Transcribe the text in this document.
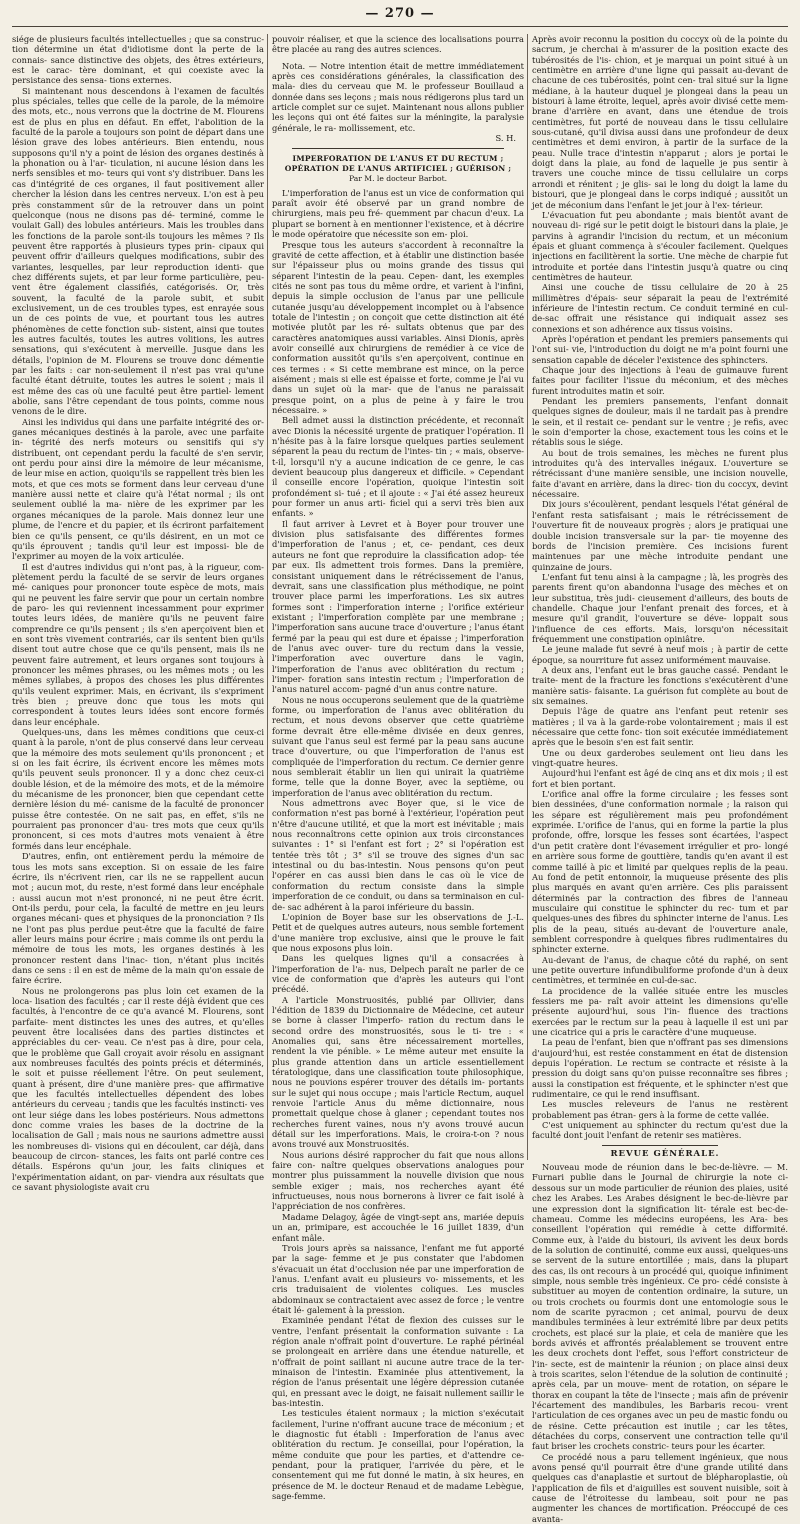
— 270 —

siége de plusieurs facultés intellectuelles ; que sa construc- tion détermine un état d'idiotisme dont la perte de la connais- sance distinctive des objets, des êtres extérieurs, est le carac- tère dominant, et qui coexiste avec la persistance des sensa- tions externes.

Si maintenant nous descendons à l'examen de facultés plus spéciales, telles que celle de la parole, de la mémoire des mots, etc., nous verrons que la doctrine de M. Flourens est de plus en plus en défaut. En effet, l'abolition de la faculté de la parole a toujours son point de départ dans une lésion grave des lobes antérieurs. Bien entendu, nous supposons qu'il n'y a point de lésion des organes destinés à la phonation ou à l'ar- ticulation, ni aucune lésion dans les nerfs sensibles et mo- teurs qui vont s'y distribuer. Dans les cas d'intégrité de ces organes, il faut positivement aller chercher la lésion dans les centres nerveux. L'on est à peu près constamment sûr de la retrouver dans un point quelconque (nous ne disons pas dé- terminé, comme le voulait Gall) des lobules antérieurs. Mais les troubles dans les fonctions de la parole sont-ils toujours les mêmes ? Ils peuvent être rapportés à plusieurs types prin- cipaux qui peuvent offrir d'ailleurs quelques modifications, subir des variantes, lesquelles, par leur reproduction identi- que chez différents sujets, et par leur forme particulière, peu- vent être également classifiés, catégorisés. Or, très souvent, la faculté de la parole subit, et subit exclusivement, un de ces troubles types, est enrayée sous un de ces points de vue, et pourtant tous les autres phénomènes de cette fonction sub- sistent, ainsi que toutes les autres facultés, toutes les autres volitions, les autres sensations, qui s'exécutent à merveille. Jusque dans les détails, l'opinion de M. Flourens se trouve donc démentie par les faits : car non-seulement il n'est pas vrai qu'une faculté étant détruite, toutes les autres le soient ; mais il est même des cas où une faculté peut être partiel- lement abolie, sans l'être cependant de tous points, comme nous venons de le dire.

Ainsi les individus qui dans une parfaite intégrité des or- ganes mécaniques destinés à la parole, avec une parfaite in- tégrité des nerfs moteurs ou sensitifs qui s'y distribuent, ont cependant perdu la faculté de s'en servir, ont perdu pour ainsi dire la mémoire de leur mécanisme, de leur mise en action, quoiqu'ils se rappellent très bien les mots, et que ces mots se forment dans leur cerveau d'une manière aussi nette et claire qu'à l'état normal ; ils ont seulement oublié la ma- nière de les exprimer par les organes mécaniques de la parole. Mais donnez leur une plume, de l'encre et du papier, et ils écriront parfaitement bien ce qu'ils pensent, ce qu'ils désirent, en un mot ce qu'ils éprouvent ; tandis qu'il leur est impossi- ble de l'exprimer au moyen de la voix articulée.

Il est d'autres individus qui n'ont pas, à la rigueur, com- plètement perdu la faculté de se servir de leurs organes mé- caniques pour prononcer toute espèce de mots, mais qui ne peuvent les faire servir que pour un certain nombre de paro- les qui reviennent incessamment pour exprimer toutes leurs idées, de manière qu'ils ne peuvent faire comprendre ce qu'ils pensent ; ils s'en aperçoivent bien et en sont très vivement contrariés, car ils sentent bien qu'ils disent tout autre chose que ce qu'ils pensent, mais ils ne peuvent faire autrement, et leurs organes sont toujours à prononcer les mêmes phrases, ou les mêmes mots ; ou les mêmes syllabes, à propos des choses les plus différentes qu'ils veulent exprimer. Mais, en écrivant, ils s'expriment très bien ; preuve donc que tous les mots qui correspondent à toutes leurs idées sont encore formés dans leur encéphale.

Quelques-uns, dans les mêmes conditions que ceux-ci quant à la parole, n'ont de plus conservé dans leur cerveau que la mémoire des mots seulement qu'ils prononcent ; et si on les fait écrire, ils écrivent encore les mêmes mots qu'ils peuvent seuls prononcer. Il y a donc chez ceux-ci double lésion, et de la mémoire des mots, et de la mémoire du mécanisme de les prononcer, bien que cependant cette dernière lésion du mé- canisme de la faculté de prononcer puisse être contestée. On ne sait pas, en effet, s'ils ne pourraient pas prononcer d'au- tres mots que ceux qu'ils prononcent, si ces mots d'autres mots venaient à être formés dans leur encéphale.

D'autres, enfin, ont entièrement perdu la mémoire de tous les mots sans exception. Si on essaie de les faire écrire, ils n'écrivent rien, car ils ne se rappellent aucun mot ; aucun mot, du reste, n'est formé dans leur encéphale : aussi aucun mot n'est prononcé, ni ne peut être écrit. Ont-ils perdu, pour cela, la faculté de mettre en jeu leurs organes mécani- ques et physiques de la prononciation ? Ils ne l'ont pas plus perdue peut-être que la faculté de faire aller leurs mains pour écrire ; mais comme ils ont perdu la mémoire de tous les mots, les organes destinés à les prononcer restent dans l'inac- tion, n'étant plus incités dans ce sens : il en est de même de la main qu'on essaie de faire écrire.

Nous ne prolongerons pas plus loin cet examen de la loca- lisation des facultés ; car il reste déjà évident que ces facultés, à l'encontre de ce qu'a avancé M. Flourens, sont parfaite- ment distinctes les unes des autres, et qu'elles peuvent être localisées dans des parties distinctes et appréciables du cer- veau. Ce n'est pas à dire, pour cela, que le problème que Gall croyait avoir résolu en assignant aux nombreuses facultés des points précis et déterminés, le soit et puisse réellement l'être. On peut seulement, quant à présent, dire d'une manière pres- que affirmative que les facultés intellectuelles dépendent des lobes antérieurs du cerveau ; tandis que les facultés instincti- ves ont leur siége dans les lobes postérieurs. Nous admettons donc comme vraies les bases de la doctrine de la localisation de Gall ; mais nous ne saurions admettre aussi les nombreuses di- visions qui en découlent, car déjà, dans beaucoup de circon- stances, les faits ont parlé contre ces détails. Espérons qu'un jour, les faits cliniques et l'expérimentation aidant, on par- viendra aux résultats que ce savant physiologiste avait cru

pouvoir réaliser, et que la science des localisations pourra être placée au rang des autres sciences.

Nota. — Notre intention était de mettre immédiatement après ces considérations générales, la classification des mala- dies du cerveau que M. le professeur Bouillaud a donnée dans ses leçons ; mais nous rédigerons plus tard un article complet sur ce sujet. Maintenant nous allons publier les leçons qui ont été faites sur la méningite, la paralysie générale, le ra- mollissement, etc.

S. H.

IMPERFORATION DE L'ANUS ET DU RECTUM ; OPÉRATION DE L'ANUS ARTIFICIEL ; GUÉRISON ;

Par M. le docteur Barbot.

L'imperforation de l'anus est un vice de conformation qui paraît avoir été observé par un grand nombre de chirurgiens, mais peu fré- quemment par chacun d'eux. La plupart se bornent à en mentionner l'existence, et à décrire le mode opératoire que nécessite son em- ploi.

Presque tous les auteurs s'accordent à reconnaître la gravité de cette affection, et à établir une distinction basée sur l'épaisseur plus ou moins grande des tissus qui séparent l'intestin de la peau. Cepen- dant, les exemples cités ne sont pas tous du même ordre, et varient à l'infini, depuis la simple occlusion de l'anus par une pellicule cutanée jusqu'au développement incomplet ou à l'absence totale de l'intestin ; on conçoit que cette distinction ait été motivée plutôt par les ré- sultats obtenus que par des caractères anatomiques aussi variables. Ainsi Dionis, après avoir conseillé aux chirurgiens de remédier à ce vice de conformation aussitôt qu'ils s'en aperçoivent, continue en ces termes : « Si cette membrane est mince, on la perce aisément ; mais si elle est épaisse et forte, comme je l'ai vu dans un sujet où la mar- que de l'anus ne paraissait presque point, on a plus de peine à y faire le trou nécessaire. »

Bell admet aussi la distinction précédente, et reconnaît avec Dionis la nécessité urgente de pratiquer l'opération. Il n'hésite pas à la faire lorsque quelques parties seulement séparent la peau du rectum de l'intes- tin ; « mais, observe-t-il, lorsqu'il n'y a aucune indication de ce genre, le cas devient beaucoup plus dangereux et difficile. » Cependant il conseille encore l'opération, quoique l'intestin soit profondément si- tué ; et il ajoute : « J'ai été assez heureux pour former un anus arti- ficiel qui a servi très bien aux enfants. »

Il faut arriver à Levret et à Boyer pour trouver une division plus satisfaisante des différentes formes d'imperforation de l'anus ; et, ce- pendant, ces deux auteurs ne font que reproduire la classification adop- tée par eux. Ils admettent trois formes. Dans la première, consistant uniquement dans le rétrécissement de l'anus, devrait, sans une classification plus méthodique, ne point trouver place parmi les imperforations. Les six autres formes sont : l'imperforation interne ; l'orifice extérieur existant ; l'imperforation complète par une membrane ; l'imperforation sans aucune trace d'ouverture ; l'anus étant fermé par la peau qui est dure et épaisse ; l'imperforation de l'anus avec ouver- ture du rectum dans la vessie, l'imperforation avec ouverture dans le vagin, l'imperforation de l'anus avec oblitération du rectum ; l'imper- foration sans intestin rectum ; l'imperforation de l'anus naturel accom- pagné d'un anus contre nature.

Nous ne nous occuperons seulement que de la quatrième forme, ou imperforation de l'anus avec oblitération du rectum, et nous devons observer que cette quatrième forme devrait être elle-même divisée en deux genres, suivant que l'anus seul est fermé par la peau sans aucune trace d'ouverture, ou que l'imperforation de l'anus est compliquée de l'imperforation du rectum. Ce dernier genre nous semblerait établir un lien qui unirait la quatrième forme, telle que la donne Boyer, avec la septième, ou imperforation de l'anus avec oblitération du rectum.

Nous admettrons avec Boyer que, si le vice de conformation n'est pas borné à l'extérieur, l'opération peut n'être d'aucune utilité, et que la mort est inévitable ; mais nous reconnaîtrons cette opinion aux trois circonstances suivantes : 1° si l'enfant est fort ; 2° si l'opération est tentée très tôt ; 3° s'il se trouve des signes d'un sac intestinal ou du bas-intestin. Nous pensons qu'on peut l'opérer en cas aussi bien dans le cas où le vice de conformation du rectum consiste dans la simple imperforation de ce conduit, ou dans sa terminaison en cul-de- sac adhérent à la paroi inférieure du bassin.

L'opinion de Boyer base sur les observations de J.-L. Petit et de quelques autres auteurs, nous semble fortement d'une manière trop exclusive, ainsi que le prouve le fait que nous exposons plus loin.

Dans les quelques lignes qu'il a consacrées à l'imperforation de l'a- nus, Delpech paraît ne parler de ce vice de conformation que d'après les auteurs qui l'ont précédé.

A l'article Monstruosités, publié par Ollivier, dans l'édition de 1839 du Dictionnaire de Médecine, cet auteur se borne à classer l'imperfo- ration du rectum dans le second ordre des monstruosités, sous le ti- tre : « Anomalies qui, sans être nécessairement mortelles, rendent la vie pénible. » Le même auteur met ensuite la plus grande attention dans un article essentiellement tératologique, dans une classification toute philosophique, nous ne pouvions espérer trouver des détails im- portants sur le sujet qui nous occupe ; mais l'article Rectum, auquel renvoie l'article Anus du même dictionnaire, nous promettait quelque chose à glaner ; cependant toutes nos recherches furent vaines, nous n'y avons trouvé aucun détail sur les imperforations. Mais, le croira-t-on ? nous avons trouvé aux Monstruosités.

Nous aurions désiré rapprocher du fait que nous allons faire con- naître quelques observations analogues pour montrer plus puissamment la nouvelle division que nous semble exiger ; mais, nos recherches ayant été infructueuses, nous nous bornerons à livrer ce fait isolé à l'appréciation de nos confrères.

Madame Delagoy, âgée de vingt-sept ans, mariée depuis un an, primipare, est accouchée le 16 juillet 1839, d'un enfant mâle.

Trois jours après sa naissance, l'enfant me fut apporté par la sage- femme et je pus constater que l'abdomen s'évacuait un état d'occlusion née par une imperforation de l'anus. L'enfant avait eu plusieurs vo- missements, et les cris traduisaient de violentes coliques. Les muscles abdominaux se contractaient avec assez de force ; le ventre était lé- galement à la pression.

Examinée pendant l'état de flexion des cuisses sur le ventre, l'enfant présentait la conformation suivante : La région anale n'offrait point d'ouverture. Le raphé périnéal se prolongeait en arrière dans une étendue naturelle, et n'offrait de point saillant ni aucune autre trace de la ter- minaison de l'intestin. Examinée plus attentivement, la région de l'anus présentait une légère dépression cutanée qui, en pressant avec le doigt, ne faisait nullement saillir le bas-intestin.

Les testicules étaient normaux ; la miction s'exécutait facilement, l'urine n'offrant aucune trace de méconium ; et le diagnostic fut établi : Imperforation de l'anus avec oblitération du rectum. Je conseillai, pour l'opération, la même conduite que pour les parties, et d'attendre ce- pendant, pour la pratiquer, l'arrivée du père, et le consentement qui me fut donné le matin, à six heures, en présence de M. le docteur Renaud et de madame Lebègue, sage-femme.

Après avoir reconnu la position du coccyx où de la pointe du sacrum, je cherchai à m'assurer de la position exacte des tubérosités de l'is- chion, et je marquai un point situé à un centimètre en arrière d'une ligne qui passait au-devant de chacune de ces tubérosités, point cen- tral situé sur la ligne médiane, à la hauteur duquel je plongeai dans la peau un bistouri à lame étroite, lequel, après avoir divisé cette mem- brane d'arrière en avant, dans une étendue de trois centimètres, fut porté de nouveau dans le tissu cellulaire sous-cutané, qu'il divisa aussi dans une profondeur de deux centimètres et demi environ, à partir de la surface de la peau. Nulle trace d'intestin n'apparut ; alors je portai le doigt dans la plaie, au fond de laquelle je pus sentir à travers une couche mince de tissu cellulaire un corps arrondi et rénitent ; je glis- sai le long du doigt la lame du bistouri, que je plongeai dans le corps indiqué ; aussitôt un jet de méconium dans l'enfant le jet jour à l'ex- térieur.

L'évacuation fut peu abondante ; mais bientôt avant de nouveau di- rigé sur le petit doigt le bistouri dans la plaie, je parvins à agrandir l'incision du rectum, et un méconium épais et gluant commença à s'écouler facilement. Quelques injections en facilitèrent la sortie. Une mèche de charpie fut introduite et portée dans l'intestin jusqu'à quatre ou cinq centimètres de hauteur.

Ainsi une couche de tissu cellulaire de 20 à 25 millimètres d'épais- seur séparait la peau de l'extrémité inférieure de l'intestin rectum. Ce conduit terminé en cul-de-sac offrait une résistance qui indiquait assez ses connexions et son adhérence aux tissus voisins.

Après l'opération et pendant les premiers pansements qui l'ont sui- vie, l'introduction du doigt ne m'a point fourni une sensation capable de déceler l'existence des sphincters.

Chaque jour des injections à l'eau de guimauve furent faites pour faciliter l'issue du méconium, et des mèches furent introduites matin et soir.

Pendant les premiers pansements, l'enfant donnait quelques signes de douleur, mais il ne tardait pas à prendre le sein, et il restait ce- pendant sur le ventre ; je refis, avec le soin d'emporter la chose, exactement tous les coins et le rétablis sous le siége.

Au bout de trois semaines, les mèches ne furent plus introduites qu'à des intervalles inégaux. L'ouverture se rétrécissant d'une manière sensible, une incision nouvelle, faite d'avant en arrière, dans la direc- tion du coccyx, devint nécessaire.

Dix jours s'écoulèrent, pendant lesquels l'état général de l'enfant resta satisfaisant ; mais le rétrécissement de l'ouverture fit de nouveaux progrès ; alors je pratiquai une double incision transversale sur la par- tie moyenne des bords de l'incision première. Ces incisions furent maintenues par une mèche introduite pendant une quinzaine de jours.

L'enfant fut tenu ainsi à la campagne ; là, les progrès des parents firent qu'on abandonna l'usage des mèches et on leur substitua, très judi- cieusement d'ailleurs, des bouts de chandelle. Chaque jour l'enfant prenait des forces, et à mesure qu'il grandit, l'ouverture se déve- loppait sous l'influence de ces efforts. Mais, lorsqu'on nécessitait fréquemment une constipation opiniâtre.

Le jeune malade fut sevré à neuf mois ; à partir de cette époque, sa nourriture fut assez uniformément mauvaise.

A deux ans, l'enfant eut le bras gauche cassé. Pendant le traite- ment de la fracture les fonctions s'exécutèrent d'une manière satis- faisante. La guérison fut complète au bout de six semaines.

Depuis l'âge de quatre ans l'enfant peut retenir ses matières ; il va à la garde-robe volontairement ; mais il est nécessaire que cette fonc- tion soit exécutée immédiatement après que le besoin s'en est fait sentir.

Une ou deux garderobes seulement ont lieu dans les vingt-quatre heures.

Aujourd'hui l'enfant est âgé de cinq ans et dix mois ; il est fort et bien portant.

L'orifice anal offre la forme circulaire ; les fesses sont bien dessinées, d'une conformation normale ; la raison qui les sépare est régulièrement mais peu profondément exprimée. L'orifice de l'anus, qui en forme la partie la plus profonde, offre, lorsque les fesses sont écartées, l'aspect d'un petit cratère dont l'évasement irrégulier et pro- longé en arrière sous forme de gouttière, tandis qu'en avant il est comme taillé à pic et limité par quelques replis de la peau. Au fond de petit entonnoir, la muqueuse présente des plis plus marqués en avant qu'en arrière. Ces plis paraissent déterminés par la contraction des fibres de l'anneau musculaire qui constitue le sphincter du rec- tum et par quelques-unes des fibres du sphincter interne de l'anus. Les plis de la peau, situés au-devant de l'ouverture anale, semblent correspondre à quelques fibres rudimentaires du sphincter externe.

Au-devant de l'anus, de chaque côté du raphé, on sent une petite ouverture infundibuliforme profonde d'un à deux centimètres, et terminée en cul-de-sac.

La procidence de la vallée située entre les muscles fessiers me pa- raît avoir atteint les dimensions qu'elle présente aujourd'hui, sous l'in- fluence des tractions exercées par le rectum sur la peau à laquelle il est uni par une cicatrice qui a pris le caractère d'une muqueuse.

La peau de l'enfant, bien que n'offrant pas ses dimensions d'aujourd'hui, est restée constamment en état de distension depuis l'opération. Le rectum se contracte et résiste à la pression du doigt sans qu'on puisse reconnaître ses fibres ; aussi la constipation est fréquente, et le sphincter n'est que rudimentaire, ce qui le rend insuffisant.

Les muscles releveurs de l'anus ne restèrent probablement pas étran- gers à la forme de cette vallée.

C'est uniquement au sphincter du rectum qu'est due la faculté dont jouit l'enfant de retenir ses matières.

REVUE GÉNÉRALE.

Nouveau mode de réunion dans le bec-de-lièvre. — M. Furnari publie dans le Journal de chirurgie la note ci-dessous sur un mode particulier de réunion des plaies, usité chez les Arabes. Les Arabes désignent le bec-de-lièvre par une expression dont la signification lit- térale est bec-de-chameau. Comme les médecins européens, les Ara- bes conseillent l'opération qui remédie à cette difformité. Comme eux, à l'aide du bistouri, ils avivent les deux bords de la solution de continuité, comme eux aussi, quelques-uns se servent de la suture entortillée ; mais, dans la plupart des cas, ils ont recours à un procédé qui, quoique infiniment simple, nous semble très ingénieux. Ce pro- cédé consiste à substituer au moyen de contention ordinaire, la suture, un ou trois crochets ou fourmis dont une entomologie sous le nom de scarite pyracmon ; cet animal, pourvu de deux mandibules terminées à leur extrémité libre par deux petits crochets, est placé sur la plaie, et cela de manière que les bords avivés et affrontés préalablement se trouvent entre les deux crochets dont l'effet, sous l'effort constricteur de l'in- secte, est de maintenir la réunion ; on place ainsi deux à trois scarites, selon l'étendue de la solution de continuité ; après cela, par un mouve- ment de rotation, on sépare le thorax en coupant la tête de l'insecte ; mais afin de prévenir l'écartement des mandibules, les Barbaris recou- vrent l'articulation de ces organes avec un peu de mastic fondu ou de résine. Cette précaution est inutile ; car les têtes, détachées du corps, conservent une contraction telle qu'il faut briser les crochets constric- teurs pour les écarter.

Ce procédé nous a paru tellement ingénieux, que nous avons pensé qu'il pourrait être d'une grande utilité dans quelques cas d'anaplastie et surtout de blépharoplastie, où l'application de fils et d'aiguilles est souvent nuisible, soit à cause de l'étroitesse du lambeau, soit pour ne pas augmenter les chances de mortification. Préoccupé de ces avanta-
